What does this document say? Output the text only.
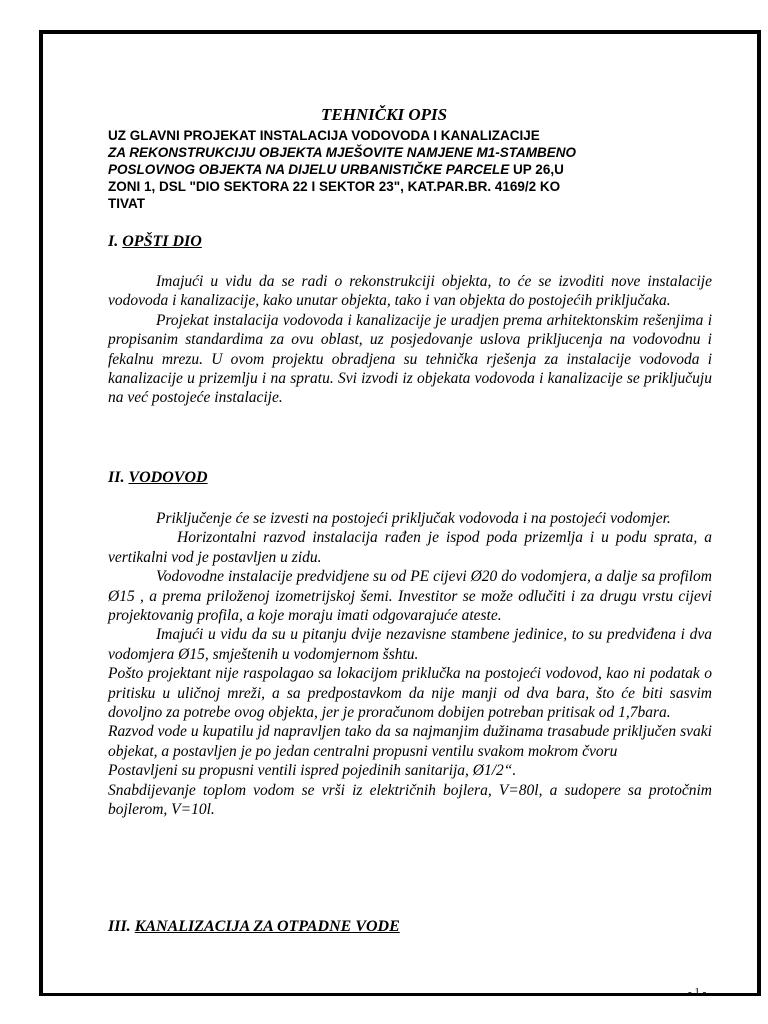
TEHNIČKI OPIS
UZ GLAVNI PROJEKAT INSTALACIJA VODOVODA I KANALIZACIJE
ZA REKONSTRUKCIJU OBJEKTA MJEŠOVITE NAMJENE M1-STAMBENO
POSLOVNOG OBJEKTA NA DIJELU URBANISTIČKE PARCELE UP 26,U
ZONI 1, DSL "DIO SEKTORA 22 I SEKTOR 23", KAT.PAR.BR. 4169/2 KO
TIVAT
I. OPŠTI DIO

Imajući u vidu da se radi o rekonstrukciji objekta, to će se izvoditi nove instalacije vodovoda i kanalizacije, kako unutar objekta, tako i van objekta do postojećih priključaka.

Projekat instalacija vodovoda i kanalizacije je uradjen prema arhitektonskim rešenjima i propisanim standardima za ovu oblast, uz posjedovanje uslova prikljucenja na vodovodnu i fekalnu mrezu. U ovom projektu obradjena su tehnička rješenja za instalacije vodovoda i kanalizacije u prizemlju i na spratu. Svi izvodi iz objekata vodovoda i kanalizacije se priključuju na već postojeće instalacije.

II. VODOVOD

Priključenje će se izvesti na postojeći priključak vodovoda i na postojeći vodomjer.

Horizontalni razvod instalacija rađen je ispod poda prizemlja i u podu sprata, a vertikalni vod je postavljen u zidu.

Vodovodne instalacije predvidjene su od PE cijevi Ø20 do vodomjera, a dalje sa profilom Ø15 , a prema priloženoj izometrijskoj šemi. Investitor se može odlučiti i za drugu vrstu cijevi projektovanig profila, a koje moraju imati odgovarajuće ateste.

Imajući u vidu da su u pitanju dvije nezavisne stambene jedinice, to su predviđena i dva vodomjera Ø15, smještenih u vodomjernom šshtu.

Pošto projektant nije raspolagao sa lokacijom priklučka na postojeći vodovod, kao ni podatak o pritisku u uličnoj mreži, a sa predpostavkom da nije manji od dva bara, što će biti sasvim dovoljno za potrebe ovog objekta, jer je proračunom dobijen potreban pritisak od 1,7bara.

Razvod vode u kupatilu jd napravljen tako da sa najmanjim dužinama trasabude priključen svaki objekat, a postavljen je po jedan centralni propusni ventilu svakom mokrom čvoru

Postavljeni su propusni ventili ispred pojedinih sanitarija, Ø1/2“.

Snabdijevanje toplom vodom se vrši iz električnih bojlera, V=80l, a sudopere sa protočnim bojlerom, V=10l.

III. KANALIZACIJA ZA OTPADNE VODE
- 1 -
